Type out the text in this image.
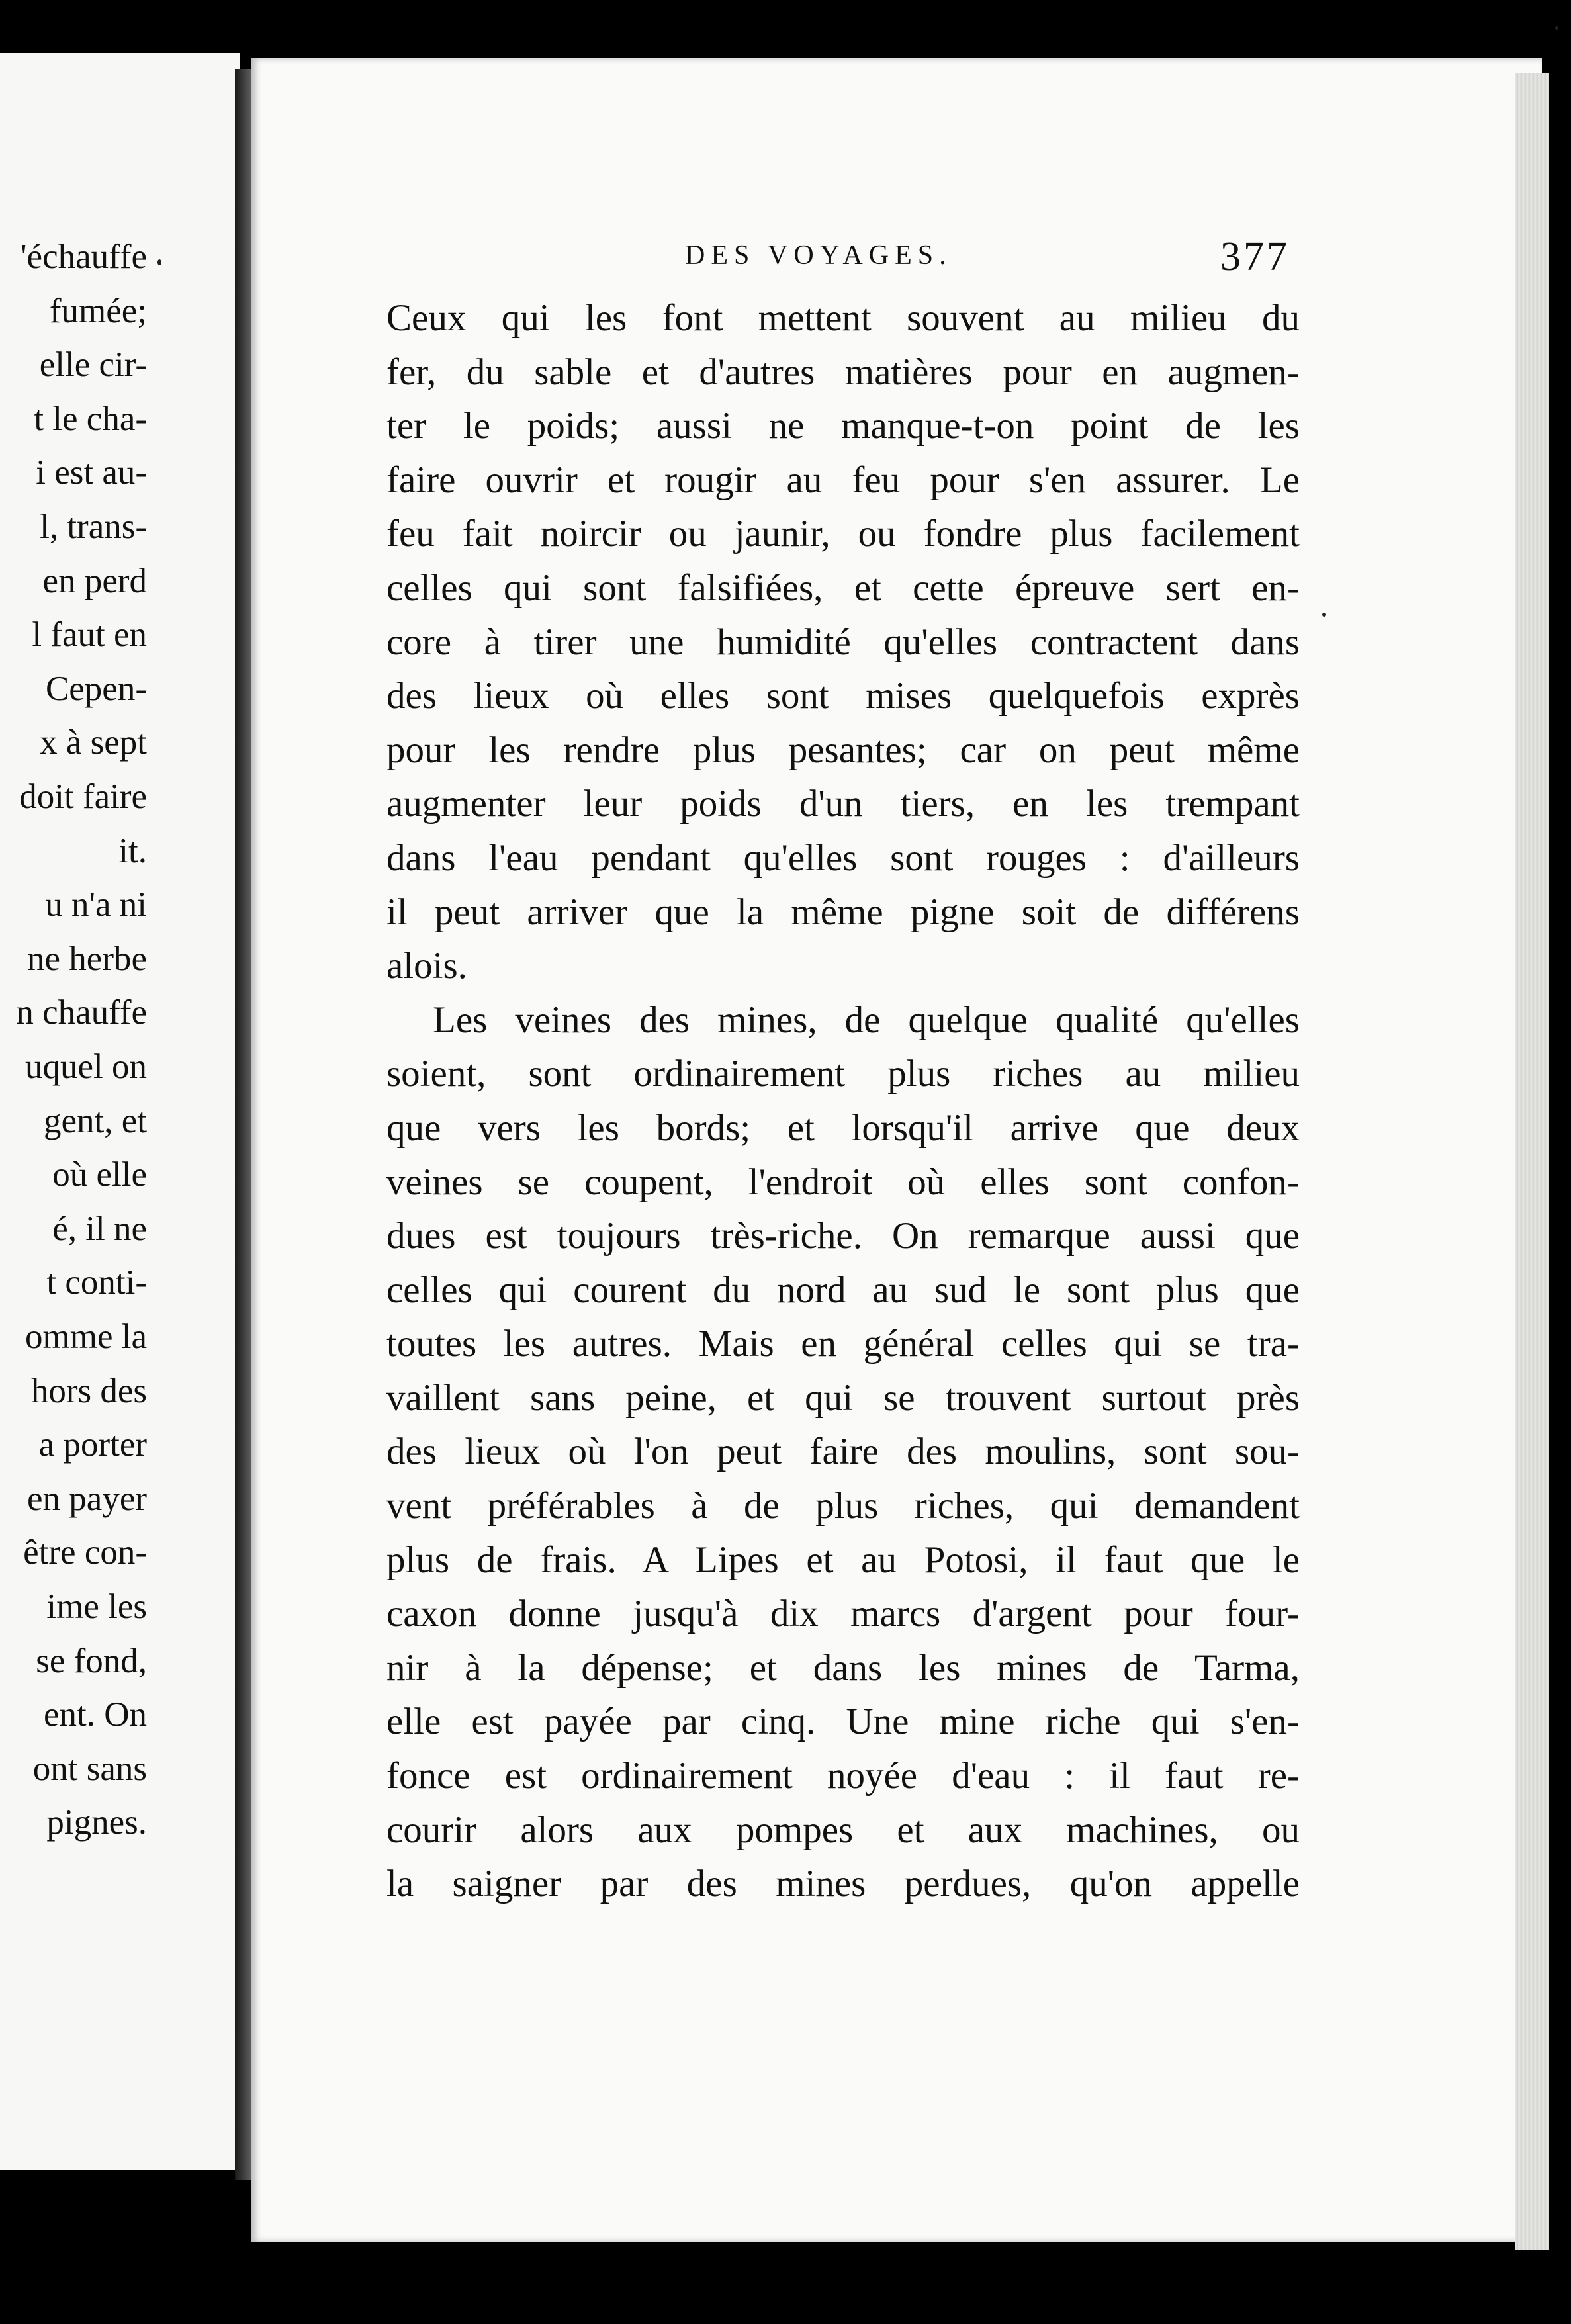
'échauffe
fumée;
elle cir-
t le cha-
i est au-
l, trans-
en perd
l faut en
Cepen-
x à sept
doit faire
it.
u n'a ni
ne herbe
n chauffe
uquel on
gent, et
où elle
é, il ne
t conti-
omme la
hors des
a porter
en payer
être con-
ime les
se fond,
ent. On
ont sans
pignes.
DES VOYAGES.	377
Ceux qui les font mettent souvent au milieu du
fer, du sable et d'autres matières pour en augmen-
ter le poids; aussi ne manque-t-on point de les
faire ouvrir et rougir au feu pour s'en assurer. Le
feu fait noircir ou jaunir, ou fondre plus facilement
celles qui sont falsifiées, et cette épreuve sert en-
core à tirer une humidité qu'elles contractent dans
des lieux où elles sont mises quelquefois exprès
pour les rendre plus pesantes; car on peut même
augmenter leur poids d'un tiers, en les trempant
dans l'eau pendant qu'elles sont rouges : d'ailleurs
il peut arriver que la même pigne soit de différens
alois.
Les veines des mines, de quelque qualité qu'elles
soient, sont ordinairement plus riches au milieu
que vers les bords; et lorsqu'il arrive que deux
veines se coupent, l'endroit où elles sont confon-
dues est toujours très-riche. On remarque aussi que
celles qui courent du nord au sud le sont plus que
toutes les autres. Mais en général celles qui se tra-
vaillent sans peine, et qui se trouvent surtout près
des lieux où l'on peut faire des moulins, sont sou-
vent préférables à de plus riches, qui demandent
plus de frais. A Lipes et au Potosi, il faut que le
caxon donne jusqu'à dix marcs d'argent pour four-
nir à la dépense; et dans les mines de Tarma,
elle est payée par cinq. Une mine riche qui s'en-
fonce est ordinairement noyée d'eau : il faut re-
courir alors aux pompes et aux machines, ou
la saigner par des mines perdues, qu'on appelle
